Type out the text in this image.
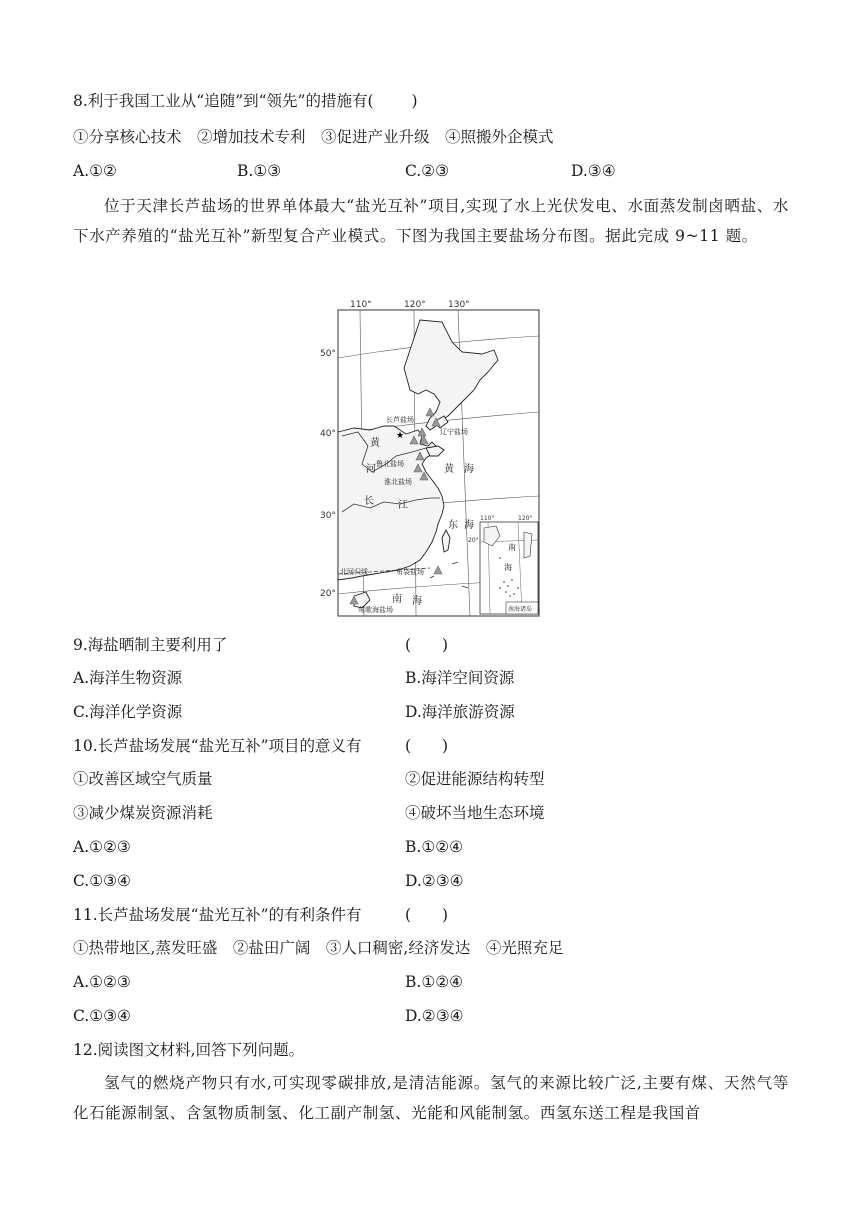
8.利于我国工业从“追随”到“领先”的措施有( )
①分享核心技术　②增加技术专利　③促进产业升级　④照搬外企模式
A.①②	B.①③	C.②③	D.③④
位于天津长芦盐场的世界单体最大“盐光互补”项目,实现了水上光伏发电、水面蒸发制卤晒盐、水下水产养殖的“盐光互补”新型复合产业模式。下图为我国主要盐场分布图。据此完成 9~11 题。
★
110°	120° 130°
50°
40°
30°
20°
长芦盐场
辽宁盐场
鲁北盐场
淮北盐场
黄
河	黄 海
长 江
东 海
北回归线	布袋盐场
莺歌海盐场
南 海
110°	120°
20°
南
海
南海诸岛
9.海盐晒制主要利用了	(　　)
A.海洋生物资源	B.海洋空间资源
C.海洋化学资源	D.海洋旅游资源
10.长芦盐场发展“盐光互补”项目的意义有	(　　)
①改善区域空气质量	②促进能源结构转型
③减少煤炭资源消耗	④破坏当地生态环境
A.①②③	B.①②④
C.①③④	D.②③④
11.长芦盐场发展“盐光互补”的有利条件有	(　　)
①热带地区,蒸发旺盛　②盐田广阔　③人口稠密,经济发达　④光照充足
A.①②③	B.①②④
C.①③④	D.②③④
12.阅读图文材料,回答下列问题。
氢气的燃烧产物只有水,可实现零碳排放,是清洁能源。氢气的来源比较广泛,主要有煤、天然气等化石能源制氢、含氢物质制氢、化工副产制氢、光能和风能制氢。西氢东送工程是我国首
